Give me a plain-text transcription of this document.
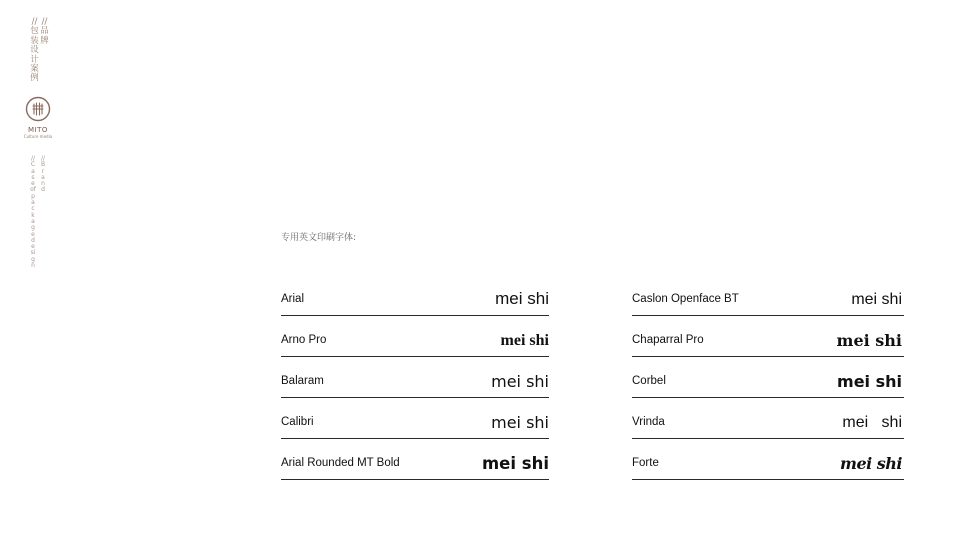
//包装设计案例
//品牌
MITO
Culture media
//Case of package design
//Brand
专用英文印刷字体:
Arial	mei shi
Arno Pro	mei shi
Balaram	mei shi
Calibri	mei shi
Arial Rounded MT Bold	mei shi
Caslon Openface BT	mei shi
Chaparral Pro	mei shi
Corbel	mei shi
Vrinda	mei   shi
Forte	mei shi
